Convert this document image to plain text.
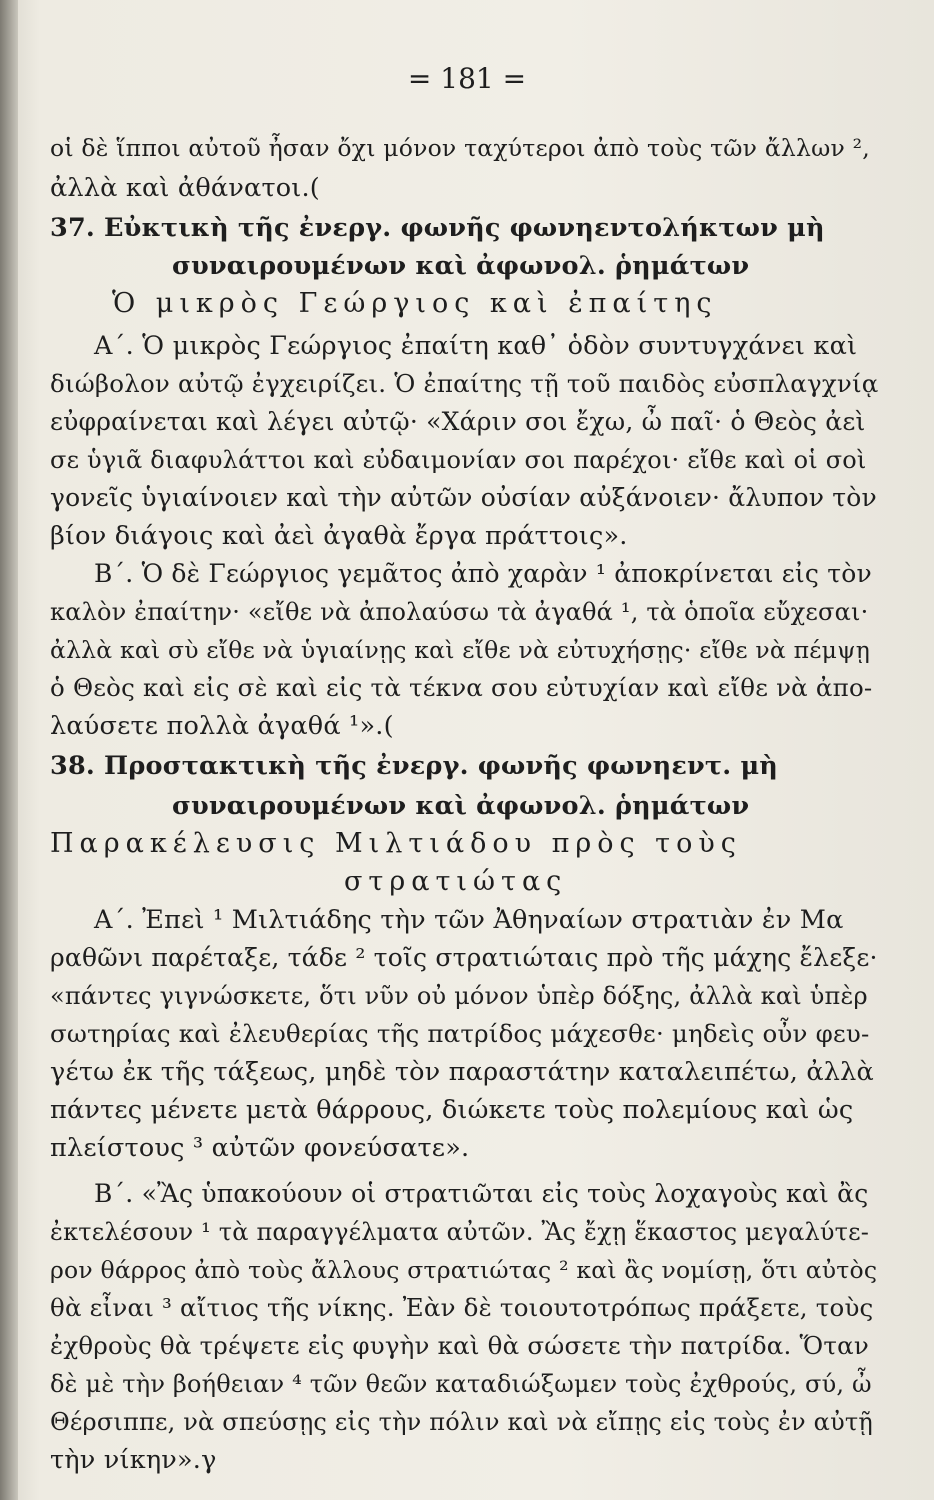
= 181 =
οἱ δὲ ἵπποι αὐτοῦ ἦσαν ὄχι μόνον ταχύτεροι ἀπὸ τοὺς τῶν ἄλλων ²,
ἀλλὰ καὶ ἀθάνατοι.(
37. Εὐκτικὴ τῆς ἐνεργ. φωνῆς φωνηεντολήκτων μὴ
συναιρουμένων καὶ ἀφωνολ. ῥημάτων
Ὁ μικρὸς Γεώργιος καὶ ἐπαίτης
Α΄. Ὁ μικρὸς Γεώργιος ἐπαίτη καθ᾽ ὁδὸν συντυγχάνει καὶ
διώβολον αὐτῷ ἐγχειρίζει. Ὁ ἐπαίτης τῇ τοῦ παιδὸς εὐσπλαγχνίᾳ
εὐφραίνεται καὶ λέγει αὐτῷ· «Χάριν σοι ἔχω, ὦ παῖ· ὁ Θεὸς ἀεὶ
σε ὑγιᾶ διαφυλάττοι καὶ εὐδαιμονίαν σοι παρέχοι· εἴθε καὶ οἱ σοὶ
γονεῖς ὑγιαίνοιεν καὶ τὴν αὐτῶν οὐσίαν αὐξάνοιεν· ἄλυπον τὸν
βίον διάγοις καὶ ἀεὶ ἀγαθὰ ἔργα πράττοις».
Β΄. Ὁ δὲ Γεώργιος γεμᾶτος ἀπὸ χαρὰν ¹ ἀποκρίνεται εἰς τὸν
καλὸν ἐπαίτην· «εἴθε νὰ ἀπολαύσω τὰ ἀγαθά ¹, τὰ ὁποῖα εὔχεσαι·
ἀλλὰ καὶ σὺ εἴθε νὰ ὑγιαίνῃς καὶ εἴθε νὰ εὐτυχήσῃς· εἴθε νὰ πέμψῃ
ὁ Θεὸς καὶ εἰς σὲ καὶ εἰς τὰ τέκνα σου εὐτυχίαν καὶ εἴθε νὰ ἀπο-
λαύσετε πολλὰ ἀγαθά ¹».(
38. Προστακτικὴ τῆς ἐνεργ. φωνῆς φωνηεντ. μὴ
συναιρουμένων καὶ ἀφωνολ. ῥημάτων
Παρακέλευσις Μιλτιάδου πρὸς τοὺς
στρατιώτας
Α΄. Ἐπεὶ ¹ Μιλτιάδης τὴν τῶν Ἀθηναίων στρατιὰν ἐν Μα
ραθῶνι παρέταξε, τάδε ² τοῖς στρατιώταις πρὸ τῆς μάχης ἔλεξε·
«πάντες γιγνώσκετε, ὅτι νῦν οὐ μόνον ὑπὲρ δόξης, ἀλλὰ καὶ ὑπὲρ
σωτηρίας καὶ ἐλευθερίας τῆς πατρίδος μάχεσθε· μηδεὶς οὖν φευ-
γέτω ἐκ τῆς τάξεως, μηδὲ τὸν παραστάτην καταλειπέτω, ἀλλὰ
πάντες μένετε μετὰ θάρρους, διώκετε τοὺς πολεμίους καὶ ὡς
πλείστους ³ αὐτῶν φονεύσατε».
Β΄. «Ἂς ὑπακούουν οἱ στρατιῶται εἰς τοὺς λοχαγοὺς καὶ ἂς
ἐκτελέσουν ¹ τὰ παραγγέλματα αὐτῶν. Ἂς ἔχῃ ἕκαστος μεγαλύτε-
ρον θάρρος ἀπὸ τοὺς ἄλλους στρατιώτας ² καὶ ἂς νομίσῃ, ὅτι αὐτὸς
θὰ εἶναι ³ αἴτιος τῆς νίκης. Ἐὰν δὲ τοιουτοτρόπως πράξετε, τοὺς
ἐχθροὺς θὰ τρέψετε εἰς φυγὴν καὶ θὰ σώσετε τὴν πατρίδα. Ὅταν
δὲ μὲ τὴν βοήθειαν ⁴ τῶν θεῶν καταδιώξωμεν τοὺς ἐχθρούς, σύ, ὦ
Θέρσιππε, νὰ σπεύσῃς εἰς τὴν πόλιν καὶ νὰ εἴπῃς εἰς τοὺς ἐν αὐτῇ
τὴν νίκην».γ
